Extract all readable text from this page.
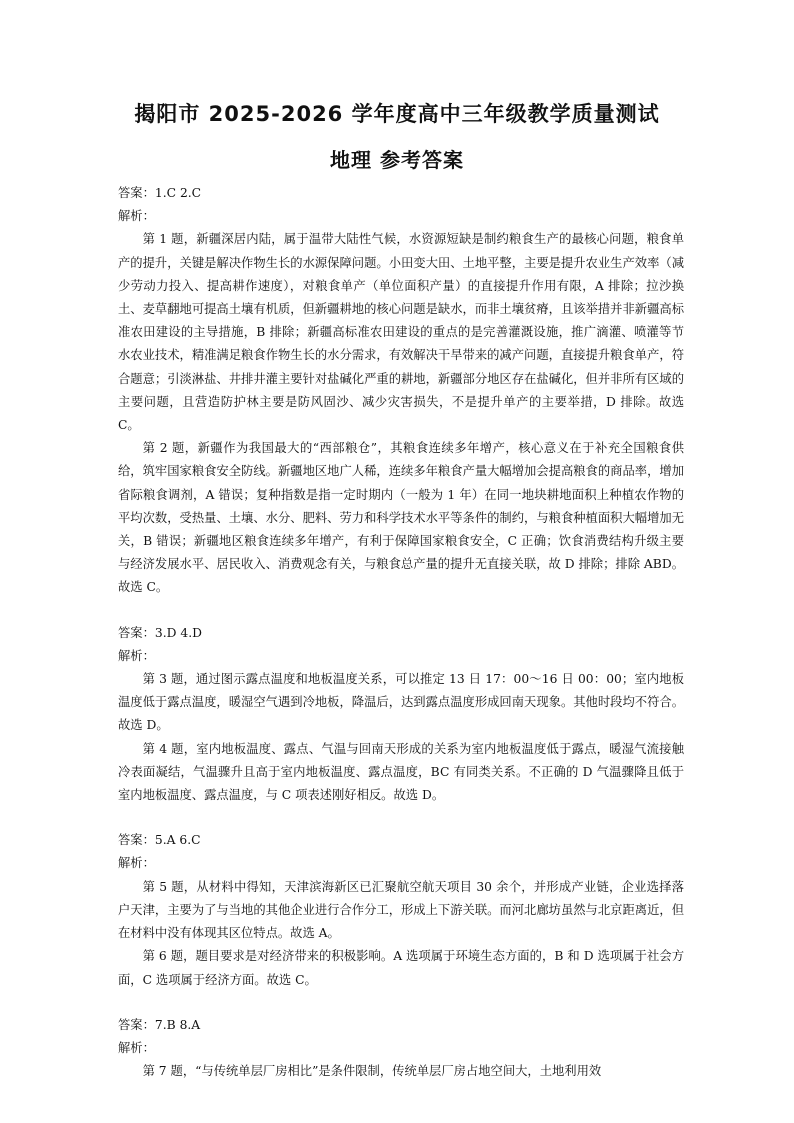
揭阳市 2025-2026 学年度高中三年级教学质量测试
地理 参考答案

答案：1.C 2.C

解析：

第 1 题，新疆深居内陆，属于温带大陆性气候，水资源短缺是制约粮食生产的最核心问题，粮食单产的提升，关键是解决作物生长的水源保障问题。小田变大田、土地平整，主要是提升农业生产效率（减少劳动力投入、提高耕作速度），对粮食单产（单位面积产量）的直接提升作用有限，A 排除；拉沙换土、麦草翻地可提高土壤有机质，但新疆耕地的核心问题是缺水，而非土壤贫瘠，且该举措并非新疆高标准农田建设的主导措施，B 排除；新疆高标准农田建设的重点的是完善灌溉设施，推广滴灌、喷灌等节水农业技术，精准满足粮食作物生长的水分需求，有效解决干旱带来的减产问题，直接提升粮食单产，符合题意；引淡淋盐、井排井灌主要针对盐碱化严重的耕地，新疆部分地区存在盐碱化，但并非所有区域的主要问题，且营造防护林主要是防风固沙、减少灾害损失，不是提升单产的主要举措，D 排除。故选 C。

第 2 题，新疆作为我国最大的“西部粮仓”，其粮食连续多年增产，核心意义在于补充全国粮食供给，筑牢国家粮食安全防线。新疆地区地广人稀，连续多年粮食产量大幅增加会提高粮食的商品率，增加省际粮食调剂，A 错误；复种指数是指一定时期内（一般为 1 年）在同一地块耕地面积上种植农作物的平均次数，受热量、土壤、水分、肥料、劳力和科学技术水平等条件的制约，与粮食种植面积大幅增加无关，B 错误；新疆地区粮食连续多年增产，有利于保障国家粮食安全，C 正确；饮食消费结构升级主要与经济发展水平、居民收入、消费观念有关，与粮食总产量的提升无直接关联，故 D 排除；排除 ABD。故选 C。

答案：3.D 4.D

解析：

第 3 题，通过图示露点温度和地板温度关系，可以推定 13 日 17：00～16 日 00：00；室内地板温度低于露点温度，暖湿空气遇到冷地板，降温后，达到露点温度形成回南天现象。其他时段均不符合。故选 D。

第 4 题，室内地板温度、露点、气温与回南天形成的关系为室内地板温度低于露点，暖湿气流接触冷表面凝结，气温骤升且高于室内地板温度、露点温度，BC 有同类关系。不正确的 D 气温骤降且低于室内地板温度、露点温度，与 C 项表述刚好相反。故选 D。

答案：5.A 6.C

解析：

第 5 题，从材料中得知，天津滨海新区已汇聚航空航天项目 30 余个，并形成产业链，企业选择落户天津，主要为了与当地的其他企业进行合作分工，形成上下游关联。而河北廊坊虽然与北京距离近，但在材料中没有体现其区位特点。故选 A。

第 6 题，题目要求是对经济带来的积极影响。A 选项属于环境生态方面的，B 和 D 选项属于社会方面，C 选项属于经济方面。故选 C。

答案：7.B 8.A

解析：

第 7 题，“与传统单层厂房相比”是条件限制，传统单层厂房占地空间大，土地利用效
